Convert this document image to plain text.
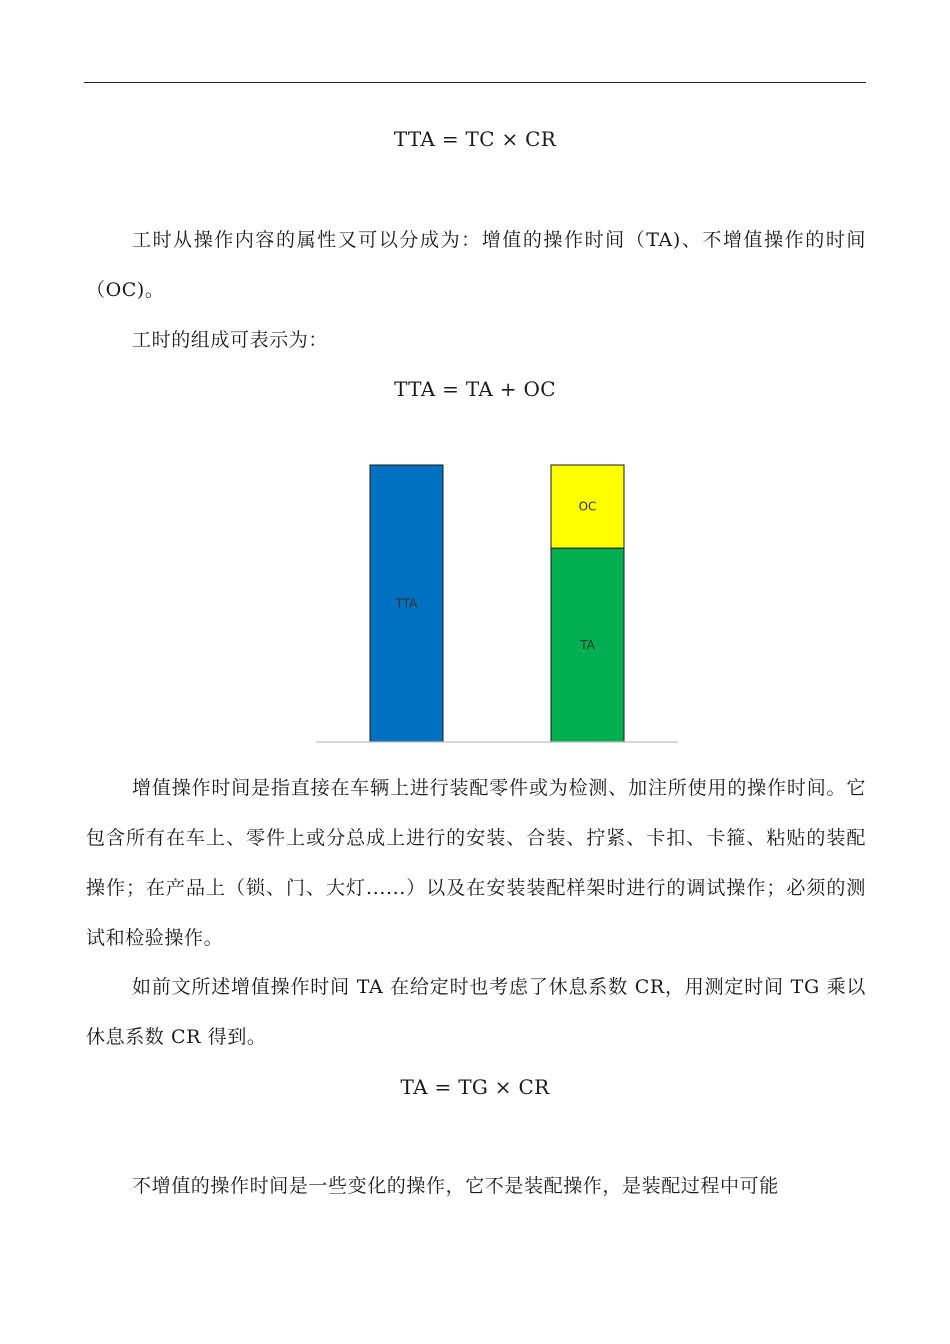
TTA = TC × CR

工时从操作内容的属性又可以分成为：增值的操作时间（TA)、不增值操作的时间（OC)。

工时的组成可表示为：

TTA = TA + OC
TTA
TA
OC

增值操作时间是指直接在车辆上进行装配零件或为检测、加注所使用的操作时间。它包含所有在车上、零件上或分总成上进行的安装、合装、拧紧、卡扣、卡箍、粘贴的装配操作；在产品上（锁、门、大灯......）以及在安装装配样架时进行的调试操作；必须的测试和检验操作。

如前文所述增值操作时间 TA 在给定时也考虑了休息系数 CR，用测定时间 TG 乘以休息系数 CR 得到。

TA = TG × CR

不增值的操作时间是一些变化的操作，它不是装配操作，是装配过程中可能
